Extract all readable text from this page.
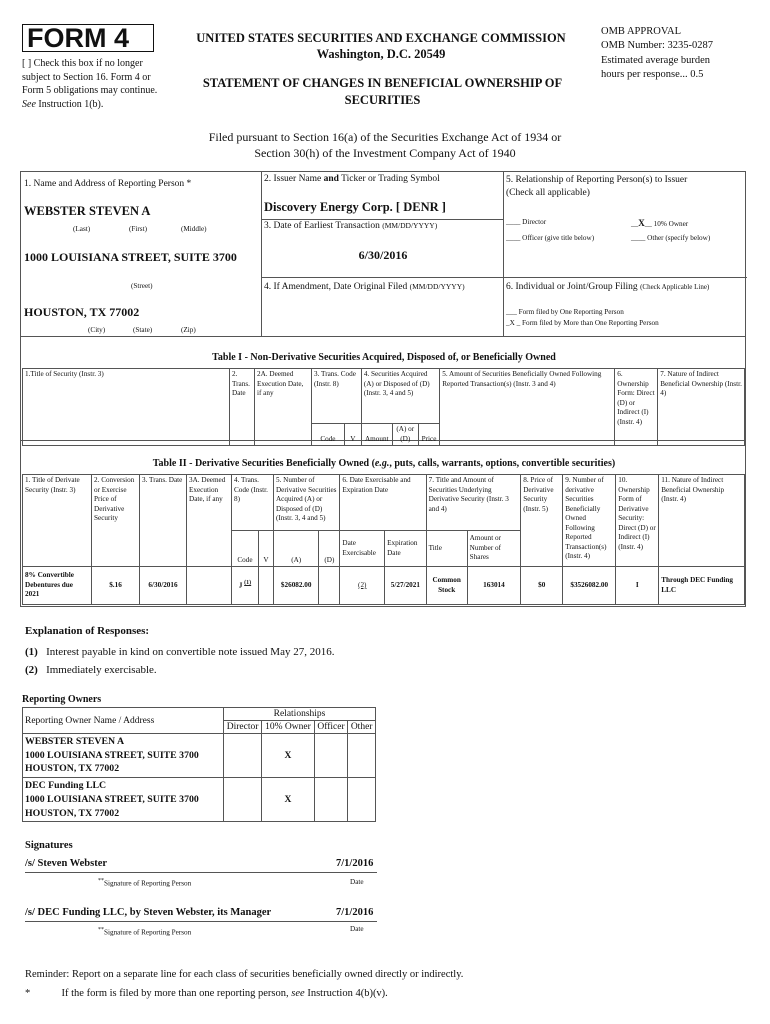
FORM 4
[ ] Check this box if no longer subject to Section 16. Form 4 or Form 5 obligations may continue. See Instruction 1(b).
UNITED STATES SECURITIES AND EXCHANGE COMMISSION
Washington, D.C. 20549
STATEMENT OF CHANGES IN BENEFICIAL OWNERSHIP OF SECURITIES
OMB APPROVAL
OMB Number: 3235-0287
Estimated average burden
hours per response... 0.5
Filed pursuant to Section 16(a) of the Securities Exchange Act of 1934 or
Section 30(h) of the Investment Company Act of 1940
1. Name and Address of Reporting Person *
WEBSTER STEVEN A
(Last)	(First)	(Middle)
1000 LOUISIANA STREET, SUITE 3700
(Street)
HOUSTON, TX 77002
(City)	(State)	(Zip)
2. Issuer Name and Ticker or Trading Symbol
Discovery Energy Corp. [ DENR ]
3. Date of Earliest Transaction (MM/DD/YYYY)
6/30/2016
4. If Amendment, Date Original Filed (MM/DD/YYYY)
5. Relationship of Reporting Person(s) to Issuer
(Check all applicable)
____ Director	__X__ 10% Owner
____ Officer (give title below)	____ Other (specify below)
6. Individual or Joint/Group Filing (Check Applicable Line)
___ Form filed by One Reporting Person
_X _ Form filed by More than One Reporting Person
Table I - Non-Derivative Securities Acquired, Disposed of, or Beneficially Owned
1.Title of Security (Instr. 3)	2. Trans. Date	2A. Deemed Execution Date, if any	3. Trans. Code (Instr. 8)		4. Securities Acquired (A) or Disposed of (D) (Instr. 3, 4 and 5)			5. Amount of Securities Beneficially Owned Following Reported Transaction(s) (Instr. 3 and 4)	6. Ownership Form: Direct (D) or Indirect (I) (Instr. 4)	7. Nature of Indirect Beneficial Ownership (Instr. 4)
			Code	V	Amount	(A) or (D)	Price			
Table II - Derivative Securities Beneficially Owned (e.g., puts, calls, warrants, options, convertible securities)
1. Title of Derivate Security (Instr. 3)	2. Conversion or Exercise Price of Derivative Security	3. Trans. Date	3A. Deemed Execution Date, if any	4. Trans. Code (Instr. 8)		5. Number of Derivative Securities Acquired (A) or Disposed of (D) (Instr. 3, 4 and 5)		6. Date Exercisable and Expiration Date		7. Title and Amount of Securities Underlying Derivative Security (Instr. 3 and 4)		8. Price of Derivative Security (Instr. 5)	9. Number of derivative Securities Beneficially Owned Following Reported Transaction(s) (Instr. 4)	10. Ownership Form of Derivative Security: Direct (D) or Indirect (I) (Instr. 4)	11. Nature of Indirect Beneficial Ownership (Instr. 4)
				Code	V	(A)	(D)	Date Exercisable	Expiration Date	Title	Amount or Number of Shares				
8% Convertible Debentures due 2021	$.16	6/30/2016		J $^{(1)}$		$26082.00		(2)	5/27/2021	Common Stock	163014	$0	$3526082.00	I	Through DEC Funding LLC
Explanation of Responses:
(1) Interest payable in kind on convertible note issued May 27, 2016.
(2) Immediately exercisable.
Reporting Owners
Reporting Owner Name / Address	Relationships			
	Director	10% Owner	Officer	Other

WEBSTER STEVEN A
1000 LOUISIANA STREET, SUITE 3700
HOUSTON, TX 77002		X		

DEC Funding LLC
1000 LOUISIANA STREET, SUITE 3700
HOUSTON, TX 77002		X		
Signatures
/s/ Steven Webster	7/1/2016
**Signature of Reporting Person	Date
/s/ DEC Funding LLC, by Steven Webster, its Manager	7/1/2016
**Signature of Reporting Person	Date
Reminder: Report on a separate line for each class of securities beneficially owned directly or indirectly.
*	If the form is filed by more than one reporting person, see Instruction 4(b)(v).
